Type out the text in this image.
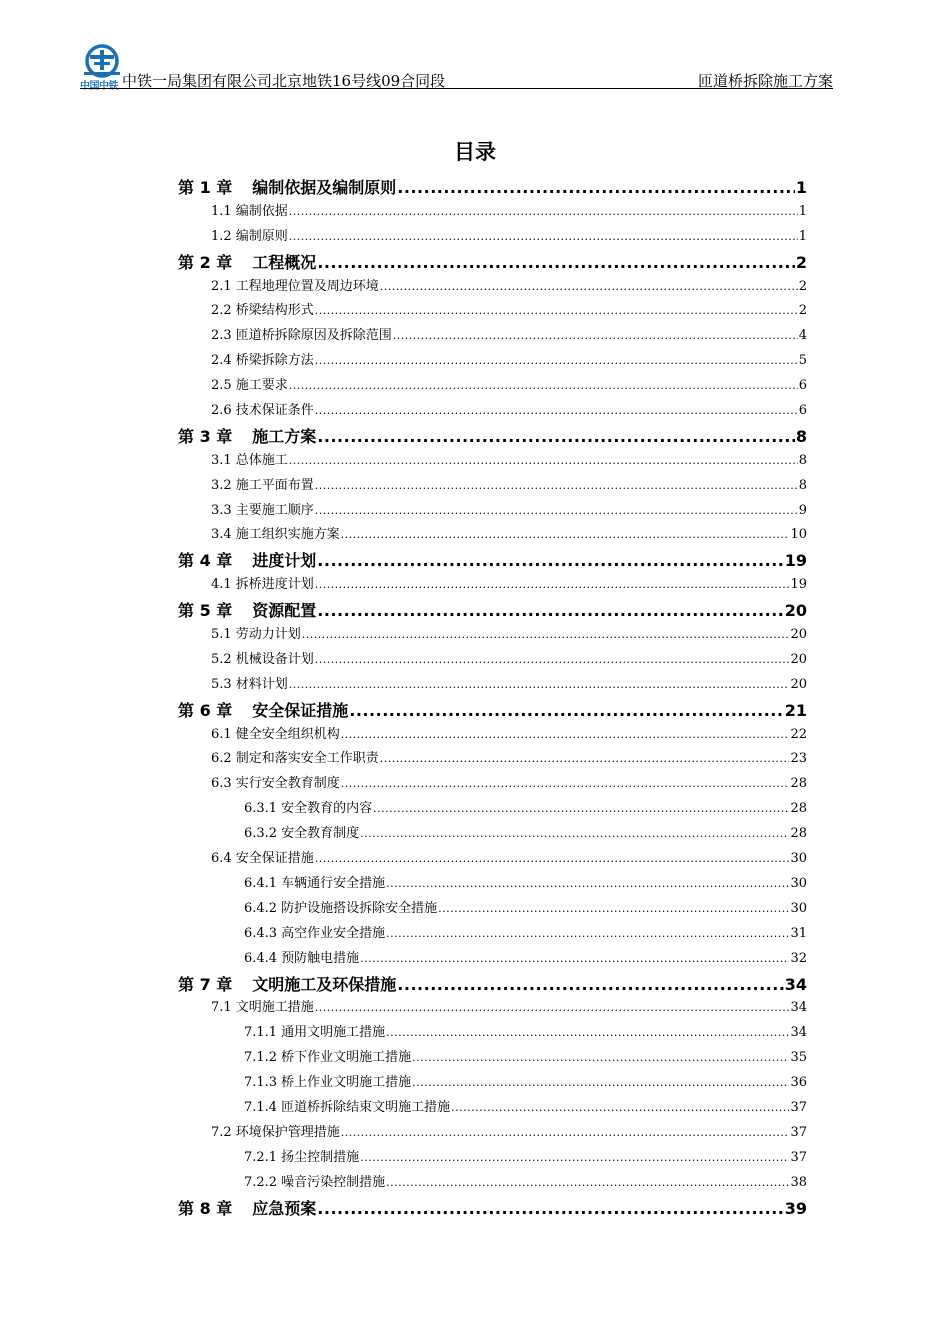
中国中铁 中铁一局集团有限公司北京地铁16号线09合同段	匝道桥拆除施工方案
目录
第 1 章 编制依据及编制原则 .....	1
1.1 编制依据 .....	1
1.2 编制原则 .....	1
第 2 章 工程概况 .....	2
2.1 工程地理位置及周边环境 .....	2
2.2 桥梁结构形式 .....	2
2.3 匝道桥拆除原因及拆除范围 .....	4
2.4 桥梁拆除方法 .....	5
2.5 施工要求 .....	6
2.6 技术保证条件 .....	6
第 3 章 施工方案 .....	8
3.1 总体施工 .....	8
3.2 施工平面布置 .....	8
3.3 主要施工顺序 .....	9
3.4 施工组织实施方案 .....	10
第 4 章 进度计划 .....	19
4.1 拆桥进度计划 .....	19
第 5 章 资源配置 .....	20
5.1 劳动力计划 .....	20
5.2 机械设备计划 .....	20
5.3 材料计划 .....	20
第 6 章 安全保证措施 .....	21
6.1 健全安全组织机构 .....	22
6.2 制定和落实安全工作职责 .....	23
6.3 实行安全教育制度 .....	28
6.3.1 安全教育的内容 .....	28
6.3.2 安全教育制度 .....	28
6.4 安全保证措施 .....	30
6.4.1 车辆通行安全措施 .....	30
6.4.2 防护设施搭设拆除安全措施 .....	30
6.4.3 高空作业安全措施 .....	31
6.4.4 预防触电措施 .....	32
第 7 章 文明施工及环保措施 .....	34
7.1 文明施工措施 .....	34
7.1.1 通用文明施工措施 .....	34
7.1.2 桥下作业文明施工措施 .....	35
7.1.3 桥上作业文明施工措施 .....	36
7.1.4 匝道桥拆除结束文明施工措施 .....	37
7.2 环境保护管理措施 .....	37
7.2.1 扬尘控制措施 .....	37
7.2.2 噪音污染控制措施 .....	38
第 8 章 应急预案 .....	39
